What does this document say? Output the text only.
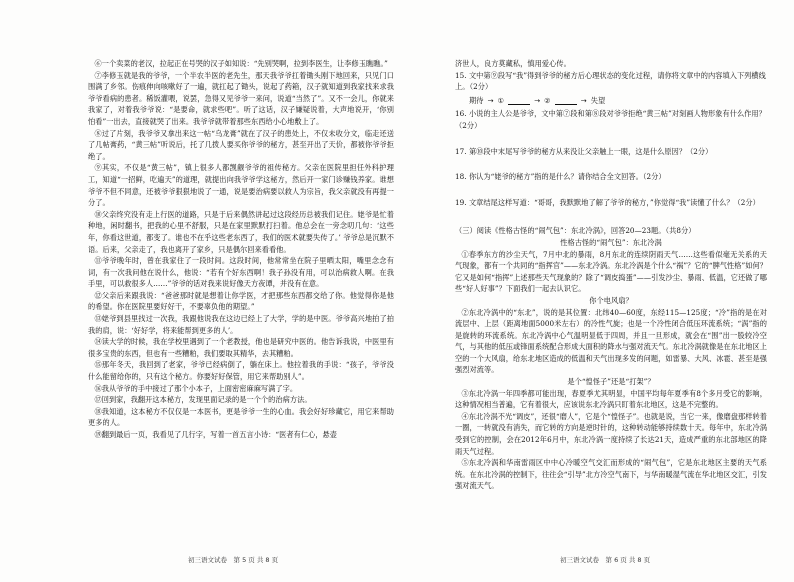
⑥一个卖菜的老汉，拉起正在号哭的汉子如知说：“先别哭啊，拉到李医生，让李修玉瞧瞧。”

⑦李修玉就是我的爷爷，一个半农半医的老先生，那天我爷爷扛着锄头刚下地回来，只见门口围满了乡邻。伤痕伸向咳嗽好了一遍，就扛起了锄头，说起了药箱，汉子就知道到我家找来求我爷爷看病的患者。稀饭灌喂，说罢，急得又见爷爷一来问，说道“当然了”。又不一会儿，你就来我家了，对着我爷爷说：“是要命，就求些吧”。听了这话，汉子嫌疑说着，大声地说开，‘你别怕看”一出去，直接就哭了出来。我爷爷就带着那些东西给小心地敷上了。

⑧过了片刻，我爷爷又拿出来这一帖“乌龙膏”就在了汉子的患处上，不仅未收分文，临走还送了几帖膏药，“黄三帖”听说后，托了几拨人要买你爷爷的秘方，甚至开出了天价，都被你爷爷拒绝了。

⑨其实，不仅是“黄三帖”，镇上很多人都觊觎爷爷的祖传秘方。父亲在医院里担任外科护理工，知道“一招鲜，吃遍天”的道理，就提出向我爷爷学这秘方，然后开一家门诊赚钱养家。谁想爷爷不但不同意，还被爷爷狠狠地说了一通，说是要治病要以救人为宗旨，我父亲就没有再提一分了。

⑩父亲终究没有走上行医的道路，只是于后来偶然讲起过这段经历总被我们记住。姥爷是忙着种地，闲时翻书，把我的心里不舒服，只是在家里默默打扫着。他总会在一旁念叨几句：‘这些年，你看这世道，都变了。谁也不在乎这些老东西了，我们的医术就要失传了。’ 爷爷总是沉默不语。后来，父亲走了，我也离开了家乡，只是偶尔回来看看他。

⑪爷爷晚年时，曾在我家住了一段时间。这段时间，他常常坐在院子里晒太阳，嘴里念念有词，有一次我问他在说什么，他说：“若有个好东西啊！我子孙没有用，可以治病救人啊。在我手里，可以救很多人……”爷爷的话对我来说好像天方夜谭，并没有在意。

⑫父亲后来跟我说：“爸爸那时就是想着让你学医，才把那些东西都交给了你。他觉得你是他的希望。你在医院里要好好干，不要辜负他的期望。”

⑬姥爷到县里找过一次我，我跟他说我在这边已经上了大学，学的是中医。爷爷高兴地拍了拍我的肩，说：‘好好学，将来能帮到更多的人’。

⑭读大学的时候，我在学校里遇到了一个老教授，他也是研究中医的。他告诉我说，中医里有很多宝贵的东西，但也有一些糟粕，我们要取其精华，去其糟粕。

⑮那年冬天，我回到了老家，爷爷已经病倒了，躺在床上。他拉着我的手说：“孩子，爷爷没什么能留给你的，只有这个秘方。你要好好保管，用它来帮助别人”。

⑯我从爷爷的手中接过了那个小本子，上面密密麻麻写满了字。

⑰回到家，我翻开这本秘方，发现里面记录的是一个个的治病方法。

⑱我知道，这本秘方不仅仅是一本医书，更是爷爷一生的心血。我会好好珍藏它，用它来帮助更多的人。

⑲翻到最后一页，我看见了几行字，写着一首五言小诗：“医者有仁心，悬壶

初三语文试卷　第 5 页 共 8 页

济世人，良方莫藏私，慎用爱心传。

15. 文中第⑨段写“我”得到爷爷的秘方后心理状态的变化过程，请你将文章中的内容填入下列横线上。（2分）

期待 → ①	→ ②	→ 失望

16. 小说的主人公是爷爷，文中第⑦段和第⑧段对爷爷拒绝“黄三帖”对刻画人物形象有什么作用？（2分）

17. 第⑩段中末尾写爷爷的秘方从来没让父亲触上一眼，这是什么原因？（2分）

18. 你认为“姥爷的秘方”指的是什么？请你结合全文回答。（2分）

19. 文章结尾这样写道：“哥哥，我默默地了解了爷爷的秘方，”你觉得“我”读懂了什么？（2分）

（三）阅读《性格古怪的“闹气包”：东北冷涡》，回答20—23题。（共8分）

性格古怪的“闹气包”：东北冷涡

①春季东方的沙尘天气，7月中北的暴雨，8月东北的连续阴雨天气……这些看似毫无关系的天气现象，都有一个共同的“指挥官”——东北冷涡。东北冷涡是个什么“祸”？它的“脾气性格”如何？它又是如何“指挥”上述那些天气现象的？除了“调皮捣蛋”——引发沙尘、暴雨、低温，它还做了哪些“好人好事”？下面我们一起去认识它。

你个电风扇？

②东北冷涡中的“东北”，说的是其位置：北纬40—60度，东经115—125度；“冷”指的是在对流层中、上层（距离地面5000米左右）的冷性气旋；也是一个冷性闭合低压环流系统；“涡”指的是旋转的环流系统。东北冷涡中心气温明显低于四周，并且一旦形成，就会在“围”出一股较冷空气，与其他的低压或锋面系统配合形成大面积的降水与强对流天气。东北冷涡就像是在东北地区上空的一个大风扇，给东北地区造成的低温和天气出现多发的问题，如雷暴、大风、冰雹、甚至是强强烈对流等。

是个“惶怪子”还是“打架”？

③东北冷涡一年四季都可能出现，春夏季尤其明显，中国平均每年夏季有8个多月受它的影响，这种情况相当普遍，它有着很大，应该说东北冷涡只盯着东北地区，这是不完整的。

④东北冷涡不光“调皮”，还很“磨人”，它是个“惶怪子”。也就是说，当它一来，像磨盘那样转着一圈，一转就没有消失，而它转的方向是逆时针的，这种转动能够持续数十天。每年中，东北冷涡受到它的控制，会在2012年6月中，东北冷涡一度持续了长达21天，造成严重的东北部地区的降雨天气过程。

⑤东北冷涡和华南雷雨区中中心冷暖空气交汇而形成的“闹气包”，它是东北地区主要的天气系统。在东北冷涡的控制下，往往会“引导”北方冷空气南下，与华南暖湿气流在华北地区交汇，引发强对流天气。

初三语文试卷　第 6 页 共 8 页
